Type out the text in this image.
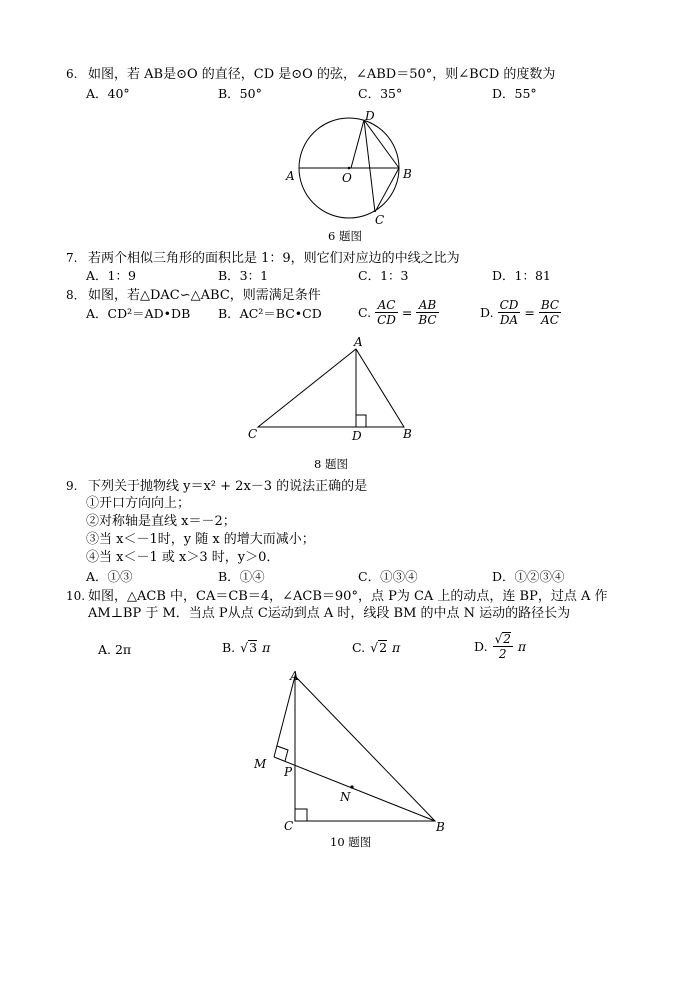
6. 如图，若 AB是⊙O 的直径，CD 是⊙O 的弦，∠ABD＝50°，则∠BCD 的度数为
A．40°	B．50°	C．35°	D．55°
A	O	B
D
C
6 题图
7. 若两个相似三角形的面积比是 1：9，则它们对应边的中线之比为
A．1：9	B．3：1	C．1：3	D．1：81
8． 如图，若△DAC∽△ABC，则需满足条件
A．CD²＝AD•DB B．AC²＝BC•CD	C. $\frac{AC}{CD} = \frac{AB}{BC}$	D. $\frac{CD}{DA} = \frac{BC}{AC}$
A
C	D	B
8 题图
9. 下列关于抛物线 y＝x² + 2x－3 的说法正确的是
①开口方向向上；
②对称轴是直线 x＝－2；
③当 x＜－1时，y 随 x 的增大而减小；
④当 x＜－1 或 x＞3 时，y＞0．
A．①③	B．①④	C．①③④	D．①②③④
10. 如图，△ACB 中，CA＝CB＝4，∠ACB＝90°，点 P为 CA 上的动点，连 BP，过点 A 作
AM⊥BP 于 M．当点 P从点 C运动到点 A 时，线段 BM 的中点 N 运动的路径长为
A. 2π	B. √3 π	C. √2 π	D. $\frac{√2}{2}$ π
A
M
P
N
C	B
10 题图
